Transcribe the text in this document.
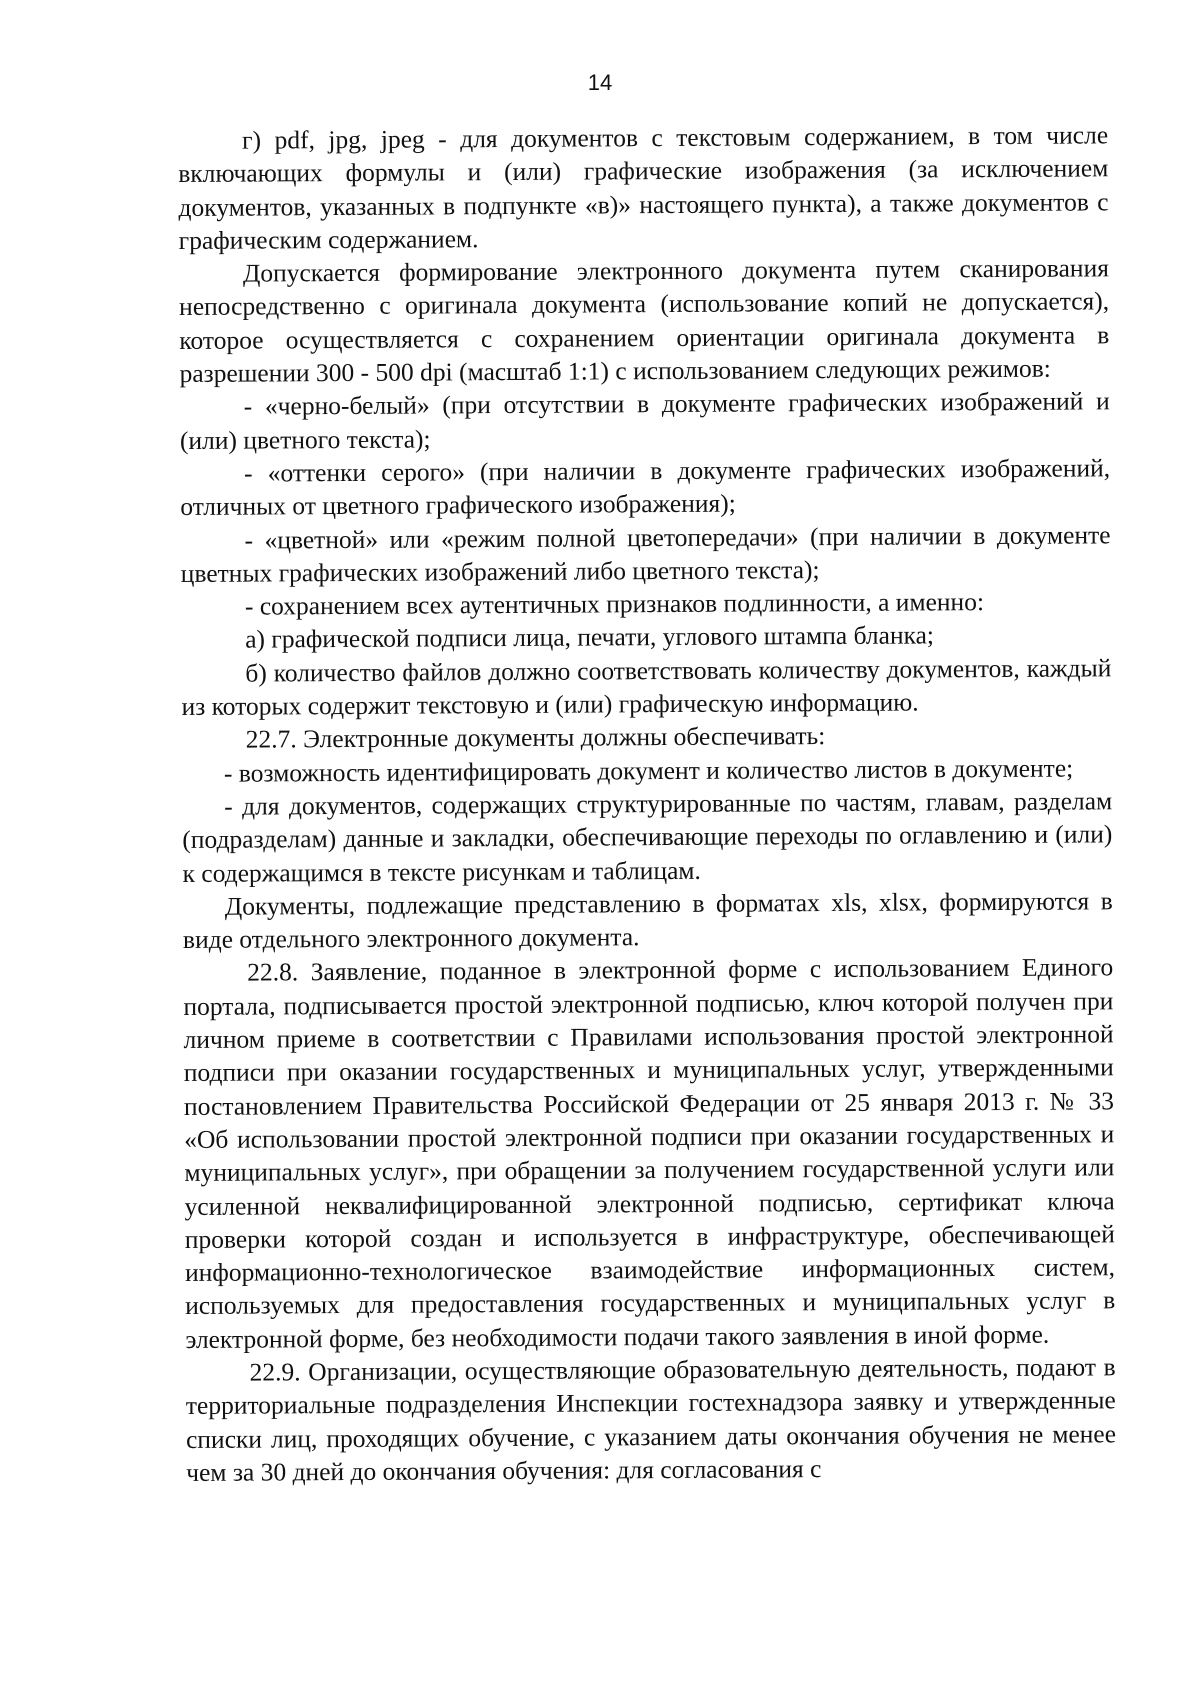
14

г) pdf, jpg, jpeg - для документов с текстовым содержанием, в том числе включающих формулы и (или) графические изображения (за исключением документов, указанных в подпункте «в)» настоящего пункта), а также документов с графическим содержанием.

Допускается формирование электронного документа путем сканирования непосредственно с оригинала документа (использование копий не допускается), которое осуществляется с сохранением ориентации оригинала документа в разрешении 300 - 500 dpi (масштаб 1:1) с использованием следующих режимов:

- «черно-белый» (при отсутствии в документе графических изображений и (или) цветного текста);

- «оттенки серого» (при наличии в документе графических изображений, отличных от цветного графического изображения);

- «цветной» или «режим полной цветопередачи» (при наличии в документе цветных графических изображений либо цветного текста);

- сохранением всех аутентичных признаков подлинности, а именно:

а) графической подписи лица, печати, углового штампа бланка;

б) количество файлов должно соответствовать количеству документов, каждый из которых содержит текстовую и (или) графическую информацию.

22.7. Электронные документы должны обеспечивать:

- возможность идентифицировать документ и количество листов в документе;

- для документов, содержащих структурированные по частям, главам, разделам (подразделам) данные и закладки, обеспечивающие переходы по оглавлению и (или) к содержащимся в тексте рисункам и таблицам.

Документы, подлежащие представлению в форматах xls, xlsx, формируются в виде отдельного электронного документа.

22.8. Заявление, поданное в электронной форме с использованием Единого портала, подписывается простой электронной подписью, ключ которой получен при личном приеме в соответствии с Правилами использования простой электронной подписи при оказании государственных и муниципальных услуг, утвержденными постановлением Правительства Российской Федерации от 25 января 2013 г. № 33 «Об использовании простой электронной подписи при оказании государственных и муниципальных услуг», при обращении за получением государственной услуги или усиленной неквалифицированной электронной подписью, сертификат ключа проверки которой создан и используется в инфраструктуре, обеспечивающей информационно-технологическое взаимодействие информационных систем, используемых для предоставления государственных и муниципальных услуг в электронной форме, без необходимости подачи такого заявления в иной форме.

22.9. Организации, осуществляющие образовательную деятельность, подают в территориальные подразделения Инспекции гостехнадзора заявку и утвержденные списки лиц, проходящих обучение, с указанием даты окончания обучения не менее чем за 30 дней до окончания обучения: для согласования с
